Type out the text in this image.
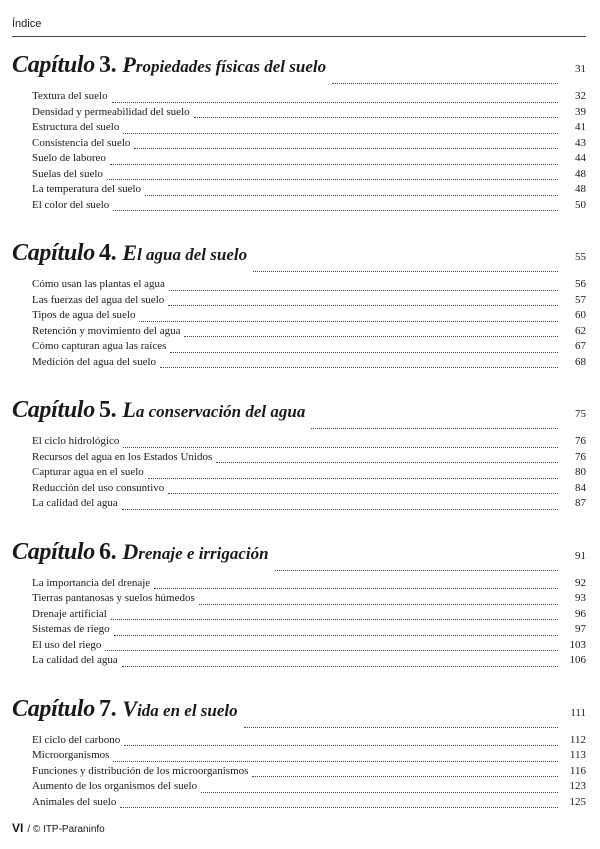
Índice
Capítulo 3. Propiedades físicas del suelo	31
Textura del suelo	32
Densidad y permeabilidad del suelo	39
Estructura del suelo	41
Consistencia del suelo	43
Suelo de laboreo	44
Suelas del suelo	48
La temperatura del suelo	48
El color del suelo	50
Capítulo 4. El agua del suelo	55
Cómo usan las plantas el agua	56
Las fuerzas del agua del suelo	57
Tipos de agua del suelo	60
Retención y movimiento del agua	62
Cómo capturan agua las raíces	67
Medición del agua del suelo	68
Capítulo 5. La conservación del agua	75
El ciclo hidrológico	76
Recursos del agua en los Estados Unidos	76
Capturar agua en el suelo	80
Reducción del uso consuntivo	84
La calidad del agua	87
Capítulo 6. Drenaje e irrigación	91
La importancia del drenaje	92
Tierras pantanosas y suelos húmedos	93
Drenaje artificial	96
Sistemas de riego	97
El uso del riego	103
La calidad del agua	106
Capítulo 7. Vida en el suelo	111
El ciclo del carbono	112
Microorganismos	113
Funciones y distribución de los microorganismos	116
Aumento de los organismos del suelo	123
Animales del suelo	125
VI / © ITP-Paraninfo
